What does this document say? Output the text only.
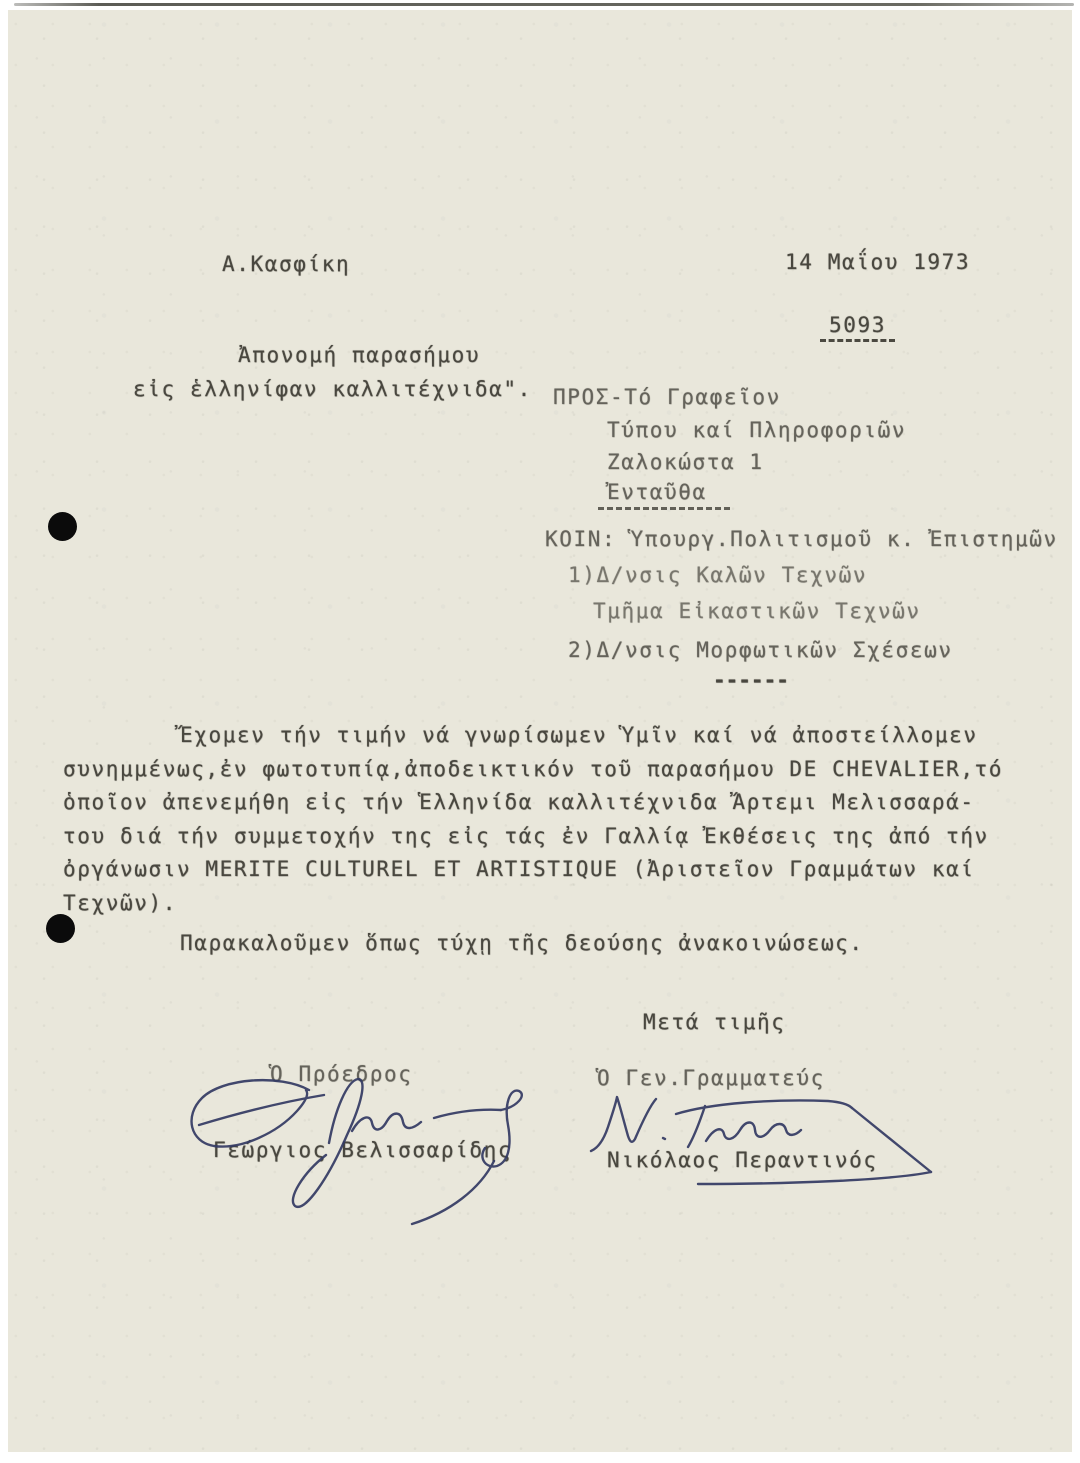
Α.Κασφίκη	14 Μαΐου 1973

5093

Ἀπονομή παρασήμου
εἰς ἑλληνίφαν καλλιτέχνιδα". ΠΡΟΣ-Τό Γραφεῖον
Τύπου καί Πληροφοριῶν
Ζαλοκώστα 1
Ἐνταῦθα
ΚΟΙΝ: Ὑπουργ.Πολιτισμοῦ κ. Ἐπιστημῶν
1)Δ/νσις Καλῶν Τεχνῶν
Τμῆμα Εἰκαστικῶν Τεχνῶν
2)Δ/νσις Μορφωτικῶν Σχέσεων
------
Ἔχομεν τήν τιμήν νά γνωρίσωμεν Ὑμῖν καί νά ἀποστείλλομεν
συνημμένως,ἐν φωτοτυπίᾳ,ἀποδεικτικόν τοῦ παρασήμου DE CHEVALIER,τό
ὁποῖον ἀπενεμήθη εἰς τήν Ἑλληνίδα καλλιτέχνιδα Ἄρτεμι Μελισσαρά-
του διά τήν συμμετοχήν της εἰς τάς ἐν Γαλλίᾳ Ἐκθέσεις της ἀπό τήν
ὀργάνωσιν MERITE CULTUREL ET ARTISTIQUE (Ἀριστεῖον Γραμμάτων καί
Τεχνῶν).
Παρακαλοῦμεν ὅπως τύχῃ τῆς δεούσης ἀνακοινώσεως.
Μετά τιμῆς
Ὁ Πρόεδρος	Ὁ Γεν.Γραμματεύς
Γεώργιος Βελισσαρίδης	Νικόλαος Περαντινός
